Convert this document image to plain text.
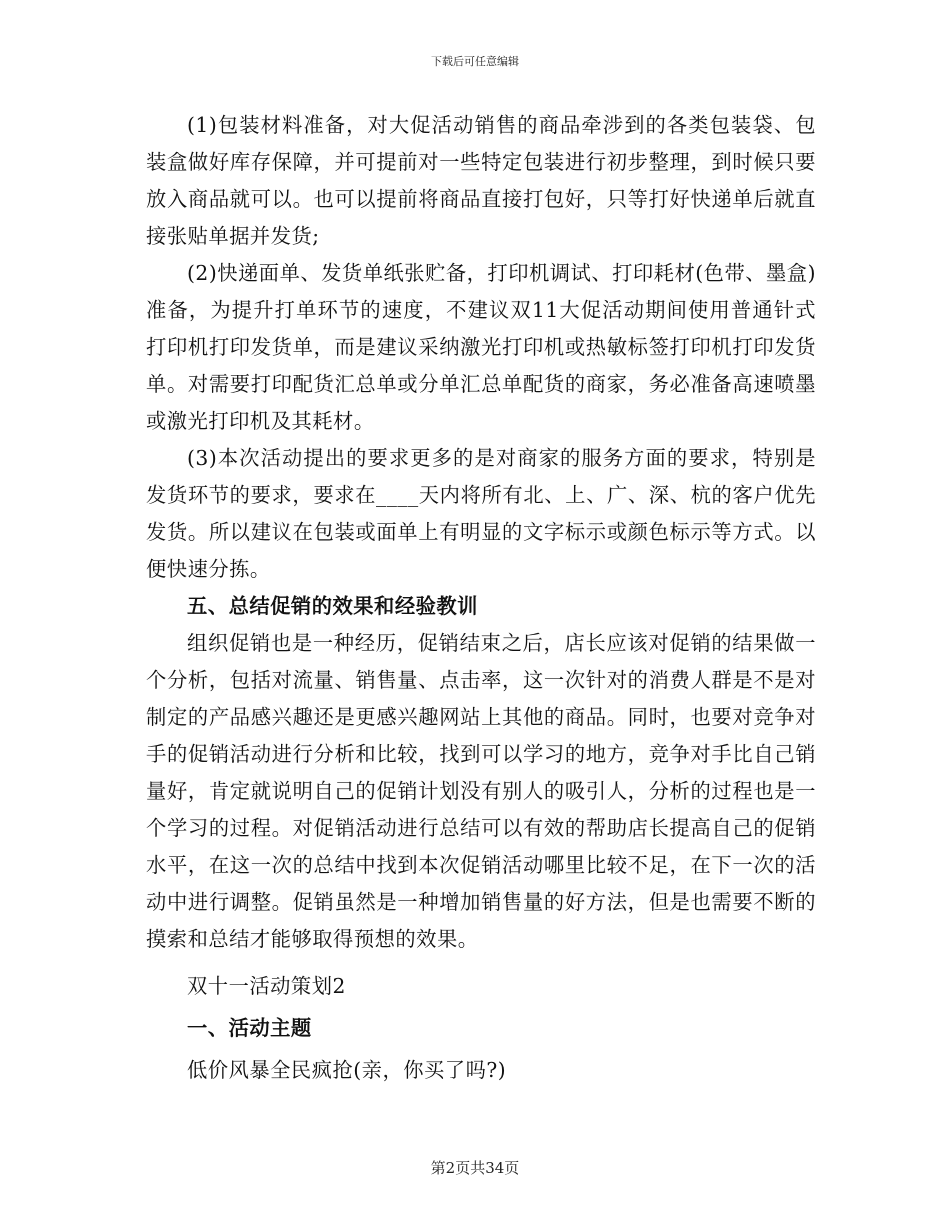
下载后可任意编辑

(1)包装材料准备，对大促活动销售的商品牵涉到的各类包装袋、包装盒做好库存保障，并可提前对一些特定包装进行初步整理，到时候只要放入商品就可以。也可以提前将商品直接打包好，只等打好快递单后就直接张贴单据并发货;

(2)快递面单、发货单纸张贮备，打印机调试、打印耗材(色带、墨盒)准备，为提升打单环节的速度，不建议双11大促活动期间使用普通针式打印机打印发货单，而是建议采纳激光打印机或热敏标签打印机打印发货单。对需要打印配货汇总单或分单汇总单配货的商家，务必准备高速喷墨或激光打印机及其耗材。

(3)本次活动提出的要求更多的是对商家的服务方面的要求，特别是发货环节的要求，要求在____天内将所有北、上、广、深、杭的客户优先发货。所以建议在包装或面单上有明显的文字标示或颜色标示等方式。以便快速分拣。

五、总结促销的效果和经验教训

组织促销也是一种经历，促销结束之后，店长应该对促销的结果做一个分析，包括对流量、销售量、点击率，这一次针对的消费人群是不是对制定的产品感兴趣还是更感兴趣网站上其他的商品。同时，也要对竞争对手的促销活动进行分析和比较，找到可以学习的地方，竞争对手比自己销量好，肯定就说明自己的促销计划没有别人的吸引人，分析的过程也是一个学习的过程。对促销活动进行总结可以有效的帮助店长提高自己的促销水平，在这一次的总结中找到本次促销活动哪里比较不足，在下一次的活动中进行调整。促销虽然是一种增加销售量的好方法，但是也需要不断的摸索和总结才能够取得预想的效果。

双十一活动策划2

一、活动主题

低价风暴全民疯抢(亲，你买了吗?)

第2页共34页
